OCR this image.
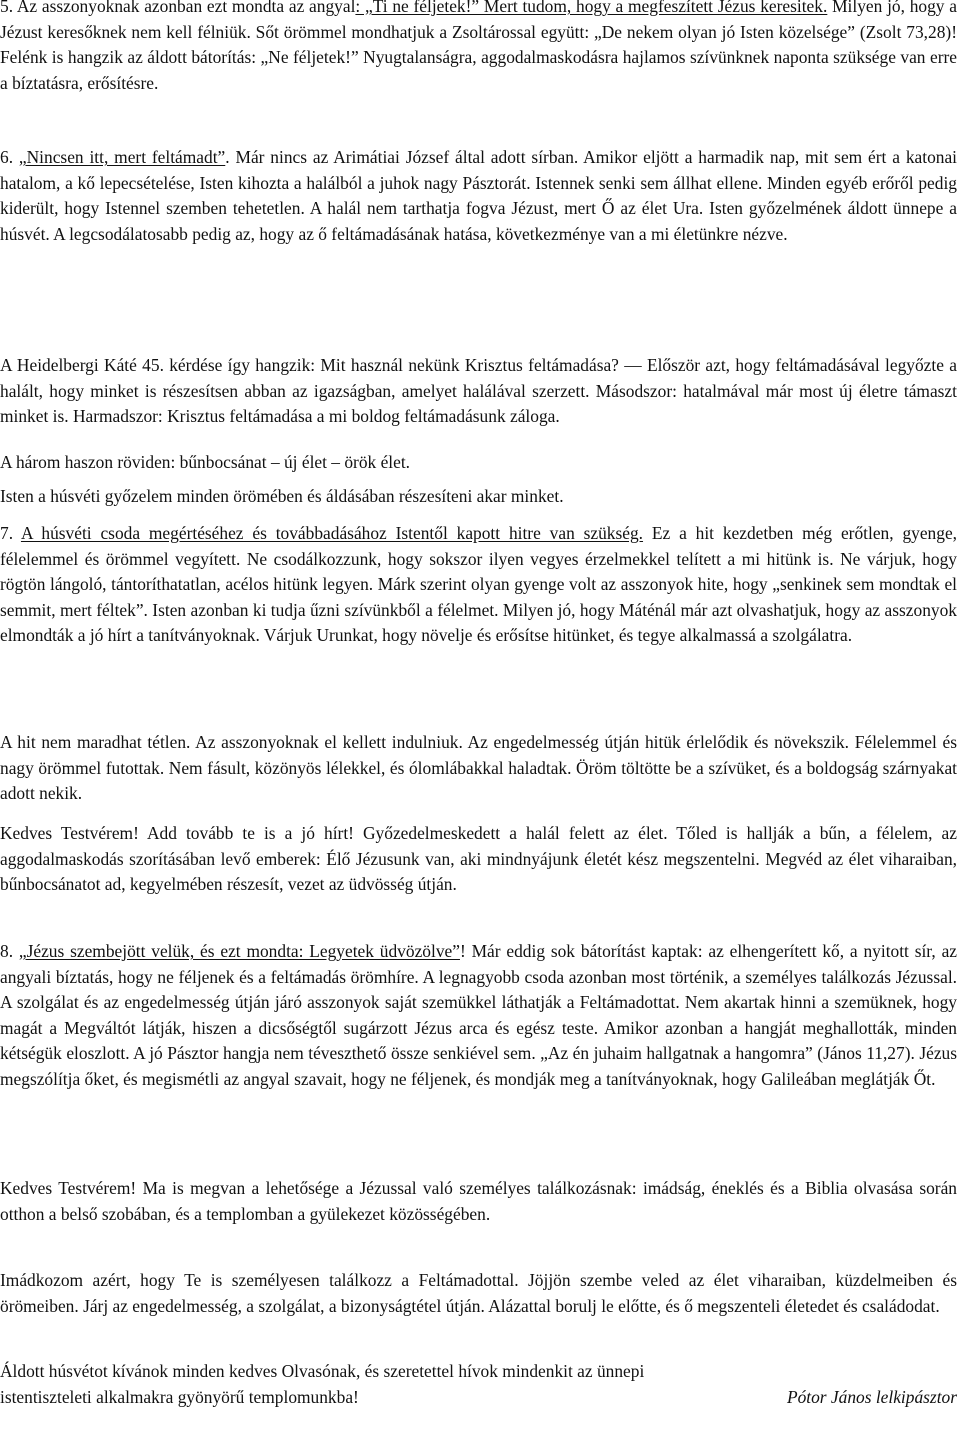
5. Az asszonyoknak azonban ezt mondta az angyal: „Ti ne féljetek!” Mert tudom, hogy a megfeszített Jézus keresitek. Milyen jó, hogy a Jézust keresőknek nem kell félniük. Sőt örömmel mondhatjuk a Zsoltárossal együtt: „De nekem olyan jó Isten közelsége” (Zsolt 73,28)! Felénk is hangzik az áldott bátorítás: „Ne féljetek!” Nyugtalanságra, aggodalmaskodásra hajlamos szívünknek naponta szüksége van erre a bíztatásra, erősítésre.

6. „Nincsen itt, mert feltámadt”. Már nincs az Arimátiai József által adott sírban. Amikor eljött a harmadik nap, mit sem ért a katonai hatalom, a kő lepecsételése, Isten kihozta a halálból a juhok nagy Pásztorát. Istennek senki sem állhat ellene. Minden egyéb erőről pedig kiderült, hogy Istennel szemben tehetetlen. A halál nem tarthatja fogva Jézust, mert Ő az élet Ura. Isten győzelmének áldott ünnepe a húsvét. A legcsodálatosabb pedig az, hogy az ő feltámadásának hatása, következménye van a mi életünkre nézve.

A Heidelbergi Káté 45. kérdése így hangzik: Mit használ nekünk Krisztus feltámadása? — Először azt, hogy feltámadásával legyőzte a halált, hogy minket is részesítsen abban az igazságban, amelyet halálával szerzett. Másodszor: hatalmával már most új életre támaszt minket is. Harmadszor: Krisztus feltámadása a mi boldog feltámadásunk záloga.

A három haszon röviden: bűnbocsánat – új élet – örök élet.

Isten a húsvéti győzelem minden örömében és áldásában részesíteni akar minket.

7. A húsvéti csoda megértéséhez és továbbadásához Istentől kapott hitre van szükség. Ez a hit kezdetben még erőtlen, gyenge, félelemmel és örömmel vegyített. Ne csodálkozzunk, hogy sokszor ilyen vegyes érzelmekkel telített a mi hitünk is. Ne várjuk, hogy rögtön lángoló, tántoríthatatlan, acélos hitünk legyen. Márk szerint olyan gyenge volt az asszonyok hite, hogy „senkinek sem mondtak el semmit, mert féltek”. Isten azonban ki tudja űzni szívünkből a félelmet. Milyen jó, hogy Máténál már azt olvashatjuk, hogy az asszonyok elmondták a jó hírt a tanítványoknak. Várjuk Urunkat, hogy növelje és erősítse hitünket, és tegye alkalmassá a szolgálatra.

A hit nem maradhat tétlen. Az asszonyoknak el kellett indulniuk. Az engedelmesség útján hitük érlelődik és növekszik. Félelemmel és nagy örömmel futottak. Nem fásult, közönyös lélekkel, és ólomlábakkal haladtak. Öröm töltötte be a szívüket, és a boldogság szárnyakat adott nekik.

Kedves Testvérem! Add tovább te is a jó hírt! Győzedelmeskedett a halál felett az élet. Tőled is hallják a bűn, a félelem, az aggodalmaskodás szorításában levő emberek: Élő Jézusunk van, aki mindnyájunk életét kész megszentelni. Megvéd az élet viharaiban, bűnbocsánatot ad, kegyelmében részesít, vezet az üdvösség útján.

8. „Jézus szembejött velük, és ezt mondta: Legyetek üdvözölve”! Már eddig sok bátorítást kaptak: az elhengerített kő, a nyitott sír, az angyali bíztatás, hogy ne féljenek és a feltámadás örömhíre. A legnagyobb csoda azonban most történik, a személyes találkozás Jézussal. A szolgálat és az engedelmesség útján járó asszonyok saját szemükkel láthatják a Feltámadottat. Nem akartak hinni a szemüknek, hogy magát a Megváltót látják, hiszen a dicsőségtől sugárzott Jézus arca és egész teste. Amikor azonban a hangját meghallották, minden kétségük eloszlott. A jó Pásztor hangja nem téveszthető össze senkiével sem. „Az én juhaim hallgatnak a hangomra” (János 11,27). Jézus megszólítja őket, és megismétli az angyal szavait, hogy ne féljenek, és mondják meg a tanítványoknak, hogy Galileában meglátják Őt.

Kedves Testvérem! Ma is megvan a lehetősége a Jézussal való személyes találkozásnak: imádság, éneklés és a Biblia olvasása során otthon a belső szobában, és a templomban a gyülekezet közösségében.

Imádkozom azért, hogy Te is személyesen találkozz a Feltámadottal. Jöjjön szembe veled az élet viharaiban, küzdelmeiben és örömeiben. Járj az engedelmesség, a szolgálat, a bizonyságtétel útján. Alázattal borulj le előtte, és ő megszenteli életedet és családodat.

Áldott húsvétot kívánok minden kedves Olvasónak, és szeretettel hívok mindenkit az ünnepi
istentiszteleti alkalmakra gyönyörű templomunkba!	Pótor János lelkipásztor
